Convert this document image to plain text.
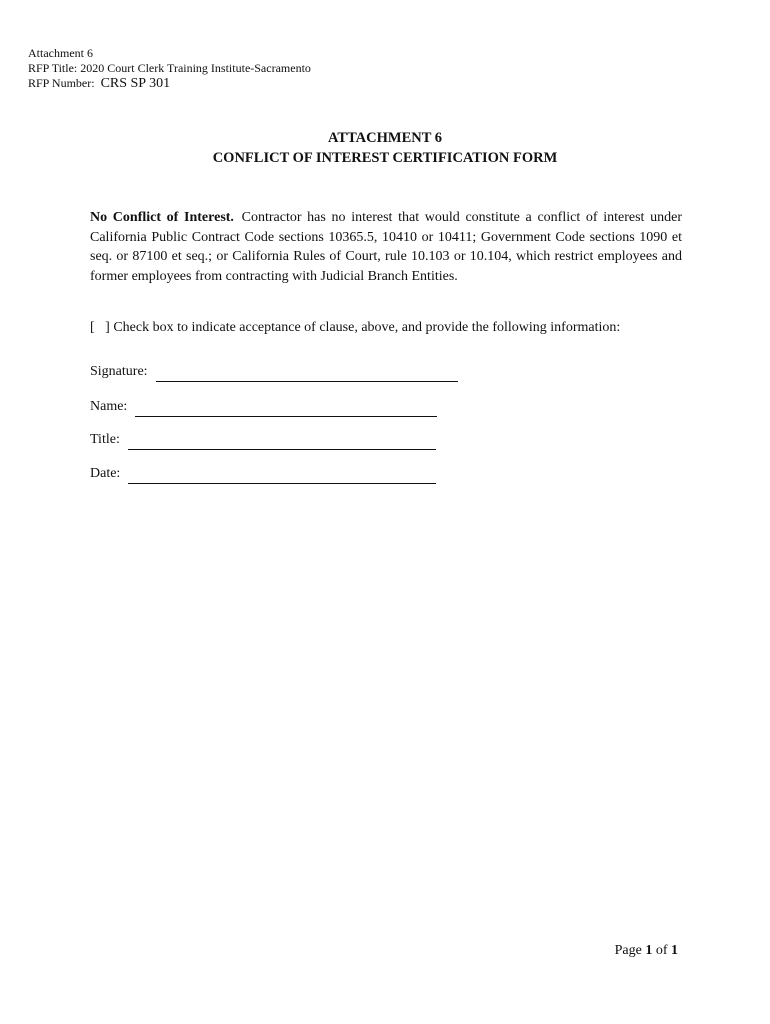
Attachment 6
RFP Title: 2020 Court Clerk Training Institute-Sacramento
RFP Number: CRS SP 301
ATTACHMENT 6
CONFLICT OF INTEREST CERTIFICATION FORM
No Conflict of Interest. Contractor has no interest that would constitute a conflict of interest under California Public Contract Code sections 10365.5, 10410 or 10411; Government Code sections 1090 et seq. or 87100 et seq.; or California Rules of Court, rule 10.103 or 10.104, which restrict employees and former employees from contracting with Judicial Branch Entities.
[   ] Check box to indicate acceptance of clause, above, and provide the following information:
Signature:
Name:
Title:
Date:
Page 1 of 1
